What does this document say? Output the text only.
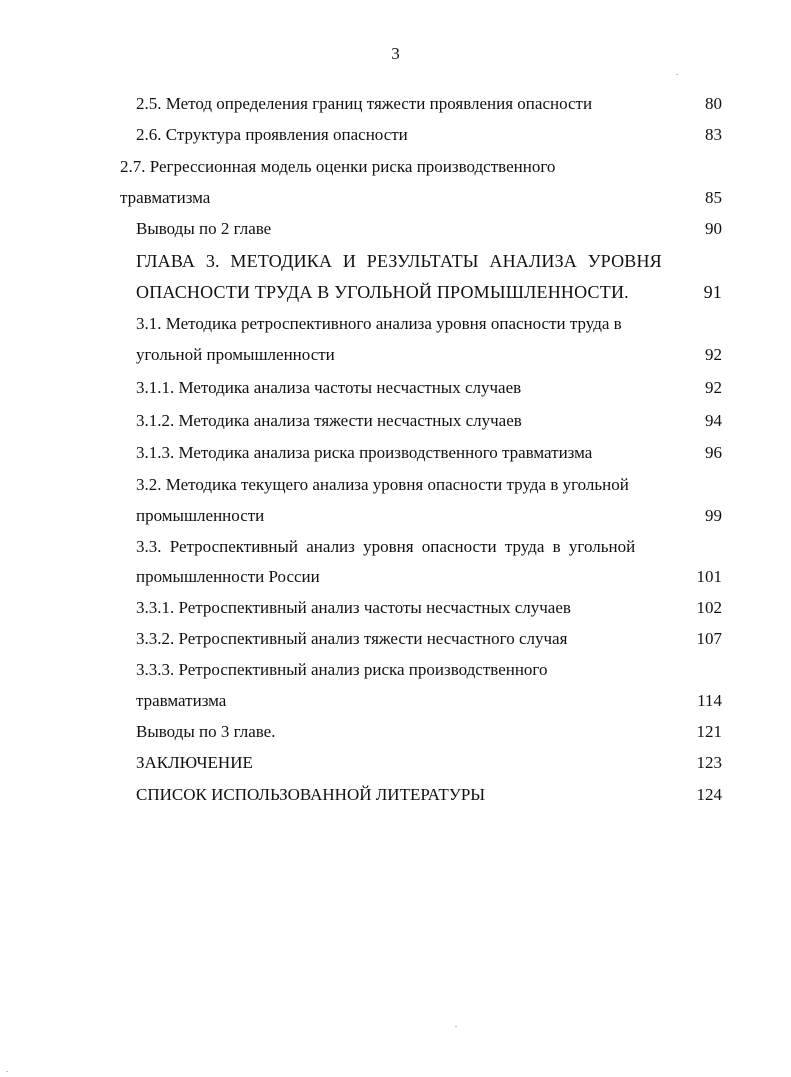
3
2.5. Метод определения границ тяжести проявления опасности	80
2.6. Структура проявления опасности	83
2.7. Регрессионная модель оценки риска производственного
травматизма	85
Выводы по 2 главе	90
ГЛАВА 3. МЕТОДИКА И РЕЗУЛЬТАТЫ АНАЛИЗА УРОВНЯ
ОПАСНОСТИ ТРУДА В УГОЛЬНОЙ ПРОМЫШЛЕННОСТИ.	91
3.1. Методика ретроспективного анализа уровня опасности труда в
угольной промышленности	92
3.1.1. Методика анализа частоты несчастных случаев	92
3.1.2. Методика анализа тяжести несчастных случаев	94
3.1.3. Методика анализа риска производственного травматизма	96
3.2. Методика текущего анализа уровня опасности труда в угольной
промышленности	99
3.3. Ретроспективный анализ уровня опасности труда в угольной
промышленности России	101
3.3.1. Ретроспективный анализ частоты несчастных случаев	102
3.3.2. Ретроспективный анализ тяжести несчастного случая	107
3.3.3. Ретроспективный анализ риска производственного
травматизма	114
Выводы по 3 главе.	121
ЗАКЛЮЧЕНИЕ	123
СПИСОК ИСПОЛЬЗОВАННОЙ ЛИТЕРАТУРЫ	124
